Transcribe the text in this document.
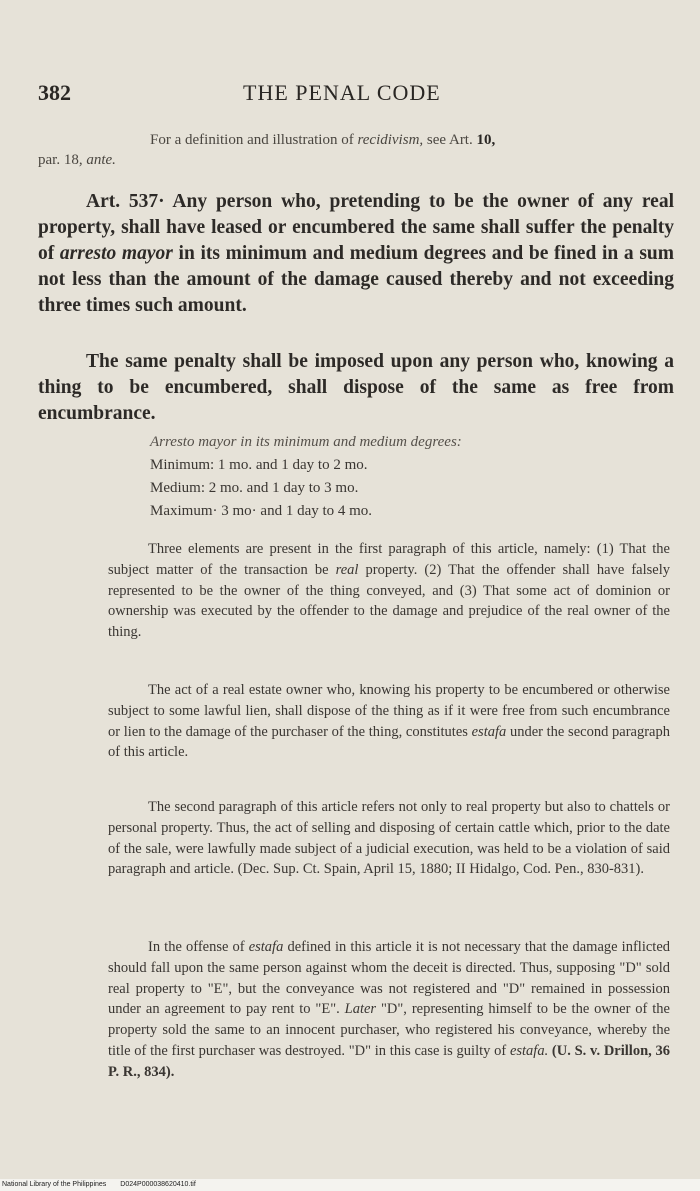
382	THE PENAL CODE
For a definition and illustration of recidivism, see Art. 10,
par. 18, ante.

Art. 537· Any person who, pretending to be the owner of any real property, shall have leased or encumbered the same shall suffer the penalty of arresto mayor in its minimum and medium degrees and be fined in a sum not less than the amount of the damage caused thereby and not exceeding three times such amount.

The same penalty shall be imposed upon any person who, knowing a thing to be encumbered, shall dispose of the same as free from encumbrance.

Arresto mayor in its minimum and medium degrees:
Minimum: 1 mo. and 1 day to 2 mo.
Medium: 2 mo. and 1 day to 3 mo.
Maximum· 3 mo· and 1 day to 4 mo.

Three elements are present in the first paragraph of this article, namely: (1) That the subject matter of the transaction be real property. (2) That the offender shall have falsely represented to be the owner of the thing conveyed, and (3) That some act of dominion or ownership was executed by the offender to the damage and prejudice of the real owner of the thing.

The act of a real estate owner who, knowing his property to be encumbered or otherwise subject to some lawful lien, shall dispose of the thing as if it were free from such encumbrance or lien to the damage of the purchaser of the thing, constitutes estafa under the second paragraph of this article.

The second paragraph of this article refers not only to real property but also to chattels or personal property. Thus, the act of selling and disposing of certain cattle which, prior to the date of the sale, were lawfully made subject of a judicial execution, was held to be a violation of said paragraph and article. (Dec. Sup. Ct. Spain, April 15, 1880; II Hidalgo, Cod. Pen., 830-831).

In the offense of estafa defined in this article it is not necessary that the damage inflicted should fall upon the same person against whom the deceit is directed. Thus, supposing "D" sold real property to "E", but the conveyance was not registered and "D" remained in possession under an agreement to pay rent to "E". Later "D", representing himself to be the owner of the property sold the same to an innocent purchaser, who registered his conveyance, whereby the title of the first purchaser was destroyed. "D" in this case is guilty of estafa. (U. S. v. Drillon, 36 P. R., 834).

National Library of the Philippines D024P000038620410.tif
